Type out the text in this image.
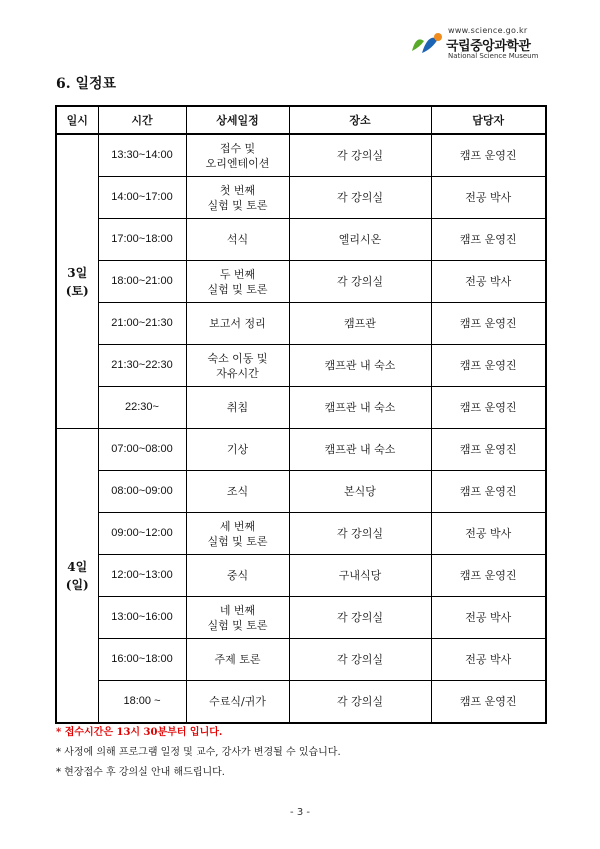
www.science.go.kr
국립중앙과학관
National Science Museum
6. 일정표
일시	시간	상세일정	장소	담당자
3일
(토)	13:30~14:00	접수 및
오리엔테이션	각 강의실	캠프 운영진
	14:00~17:00	첫 번째
실험 및 토론	각 강의실	전공 박사
	17:00~18:00	석식	엘리시온	캠프 운영진
	18:00~21:00	두 번째
실험 및 토론	각 강의실	전공 박사
	21:00~21:30	보고서 정리	캠프관	캠프 운영진
	21:30~22:30	숙소 이동 및
자유시간	캠프관 내 숙소	캠프 운영진
	22:30~	취침	캠프관 내 숙소	캠프 운영진
4일
(일)	07:00~08:00	기상	캠프관 내 숙소	캠프 운영진
	08:00~09:00	조식	본식당	캠프 운영진
	09:00~12:00	세 번째
실험 및 토론	각 강의실	전공 박사
	12:00~13:00	중식	구내식당	캠프 운영진
	13:00~16:00	네 번째
실험 및 토론	각 강의실	전공 박사
	16:00~18:00	주제 토론	각 강의실	전공 박사
	18:00 ~	수료식/귀가	각 강의실	캠프 운영진
* 접수시간은 13시 30분부터 입니다.
* 사정에 의해 프로그램 일정 및 교수, 강사가 변경될 수 있습니다.
* 현장접수 후 강의실 안내 해드립니다.
- 3 -
